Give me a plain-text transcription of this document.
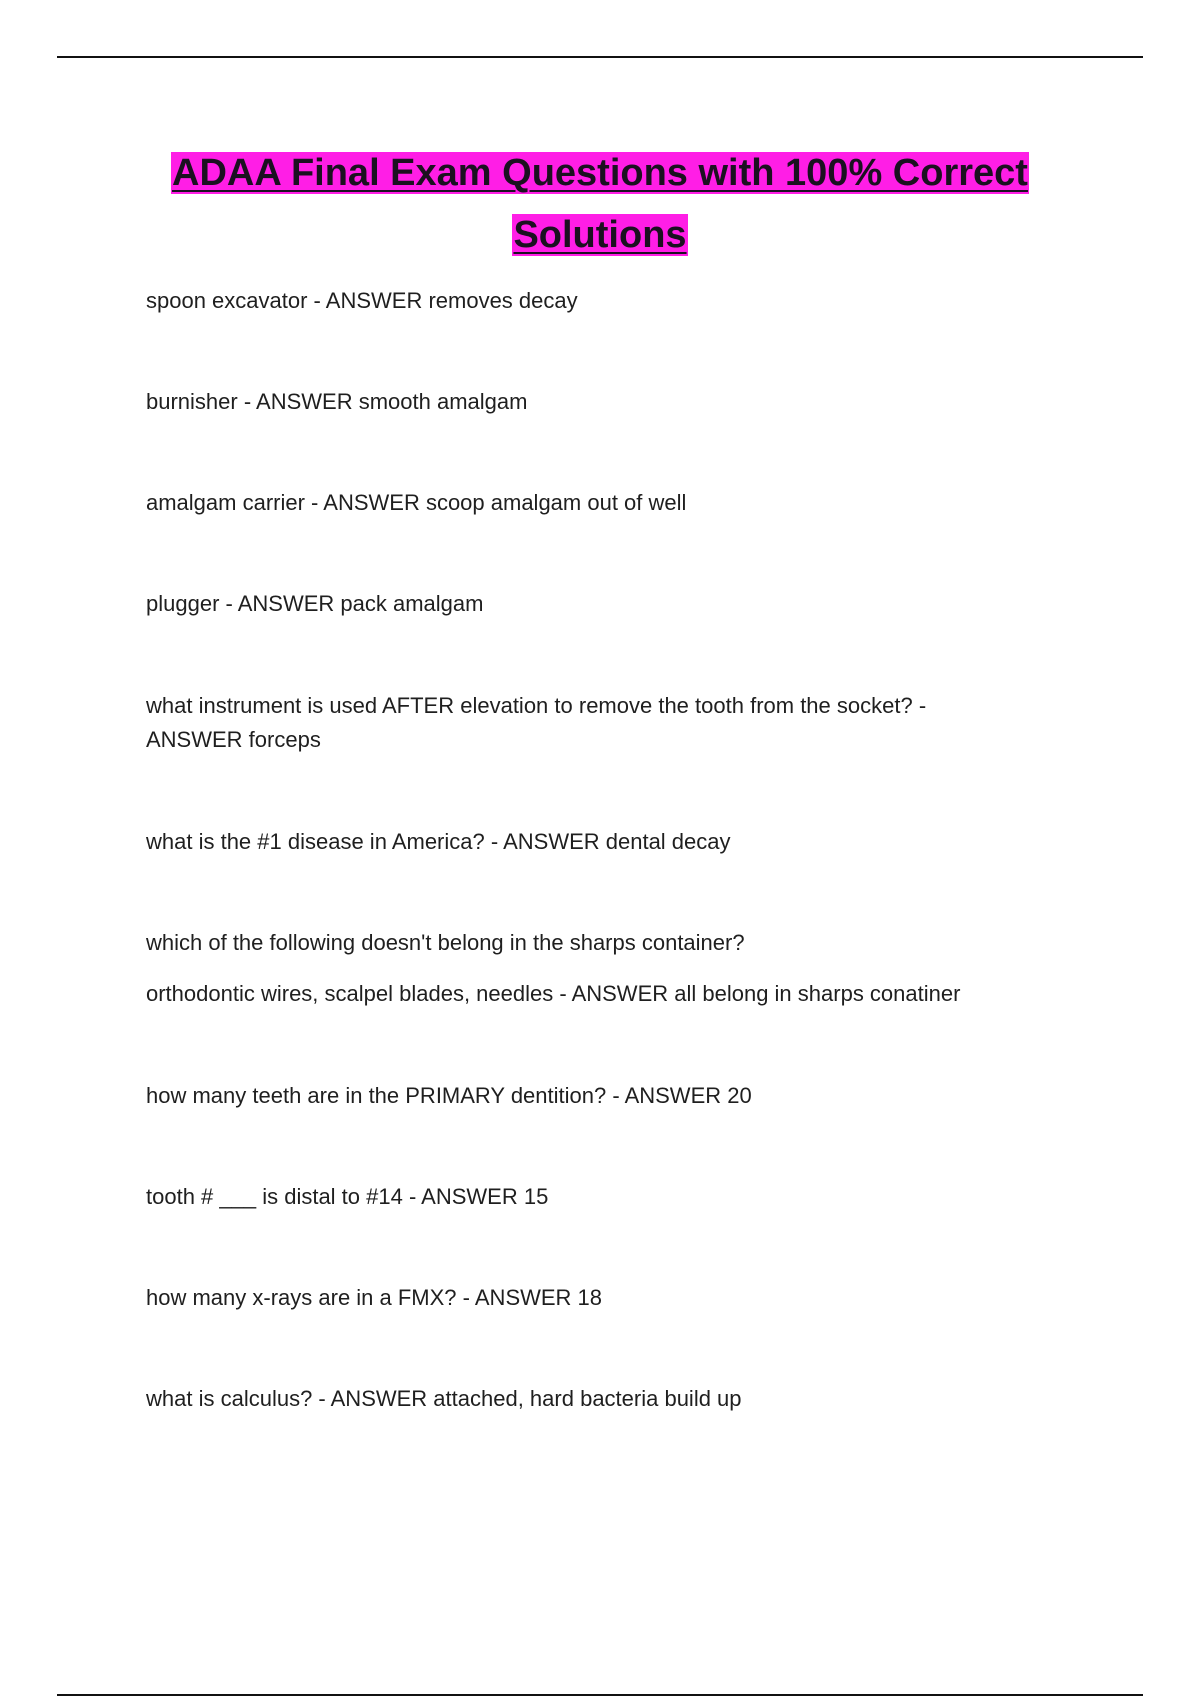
ADAA Final Exam Questions with 100% Correct
Solutions
spoon excavator - ANSWER removes decay
burnisher - ANSWER smooth amalgam
amalgam carrier - ANSWER scoop amalgam out of well
plugger - ANSWER pack amalgam
what instrument is used AFTER elevation to remove the tooth from the socket? -
ANSWER forceps
what is the #1 disease in America? - ANSWER dental decay
which of the following doesn't belong in the sharps container?
orthodontic wires, scalpel blades, needles - ANSWER all belong in sharps conatiner
how many teeth are in the PRIMARY dentition? - ANSWER 20
tooth # ___ is distal to #14 - ANSWER 15
how many x-rays are in a FMX? - ANSWER 18
what is calculus? - ANSWER attached, hard bacteria build up
